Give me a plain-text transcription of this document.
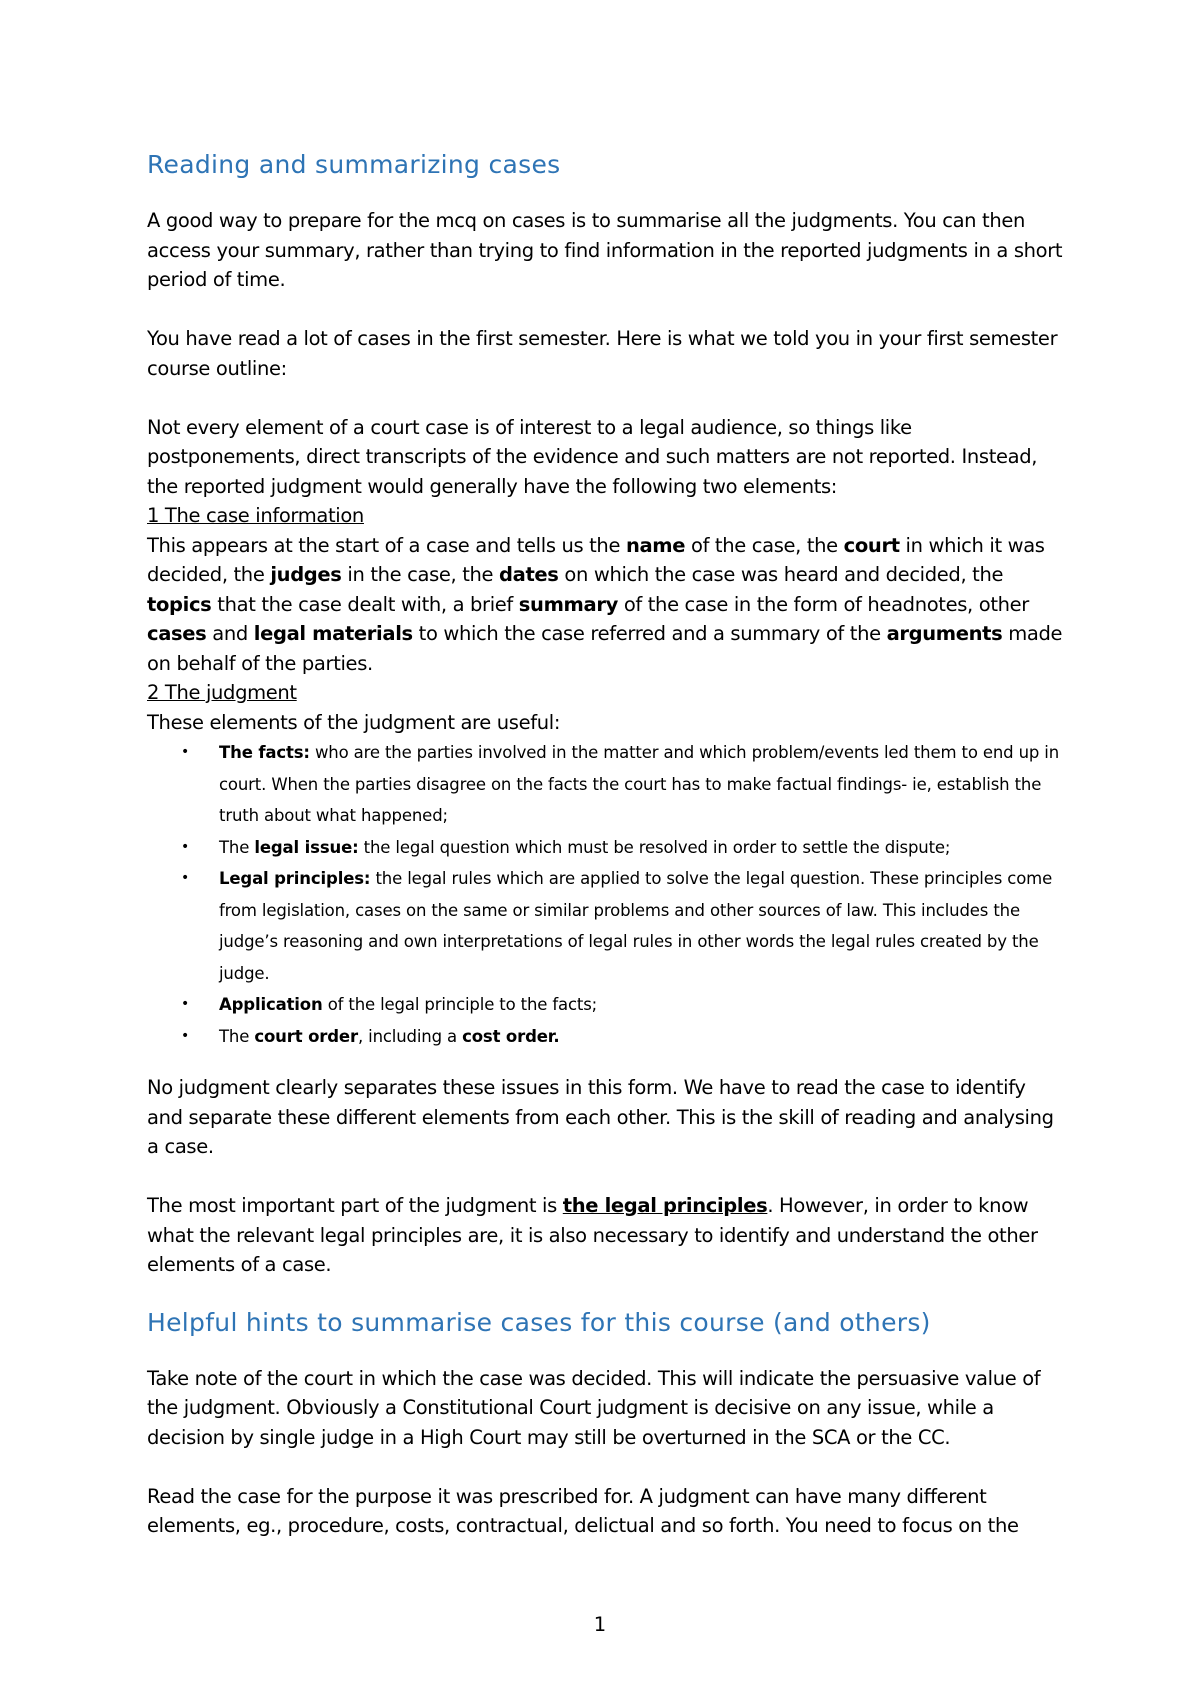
Reading and summarizing cases

A good way to prepare for the mcq on cases is to summarise all the judgments. You can then access your summary, rather than trying to find information in the reported judgments in a short period of time.

You have read a lot of cases in the first semester. Here is what we told you in your first semester course outline:

Not every element of a court case is of interest to a legal audience, so things like postponements, direct transcripts of the evidence and such matters are not reported. Instead, the reported judgment would generally have the following two elements:

1 The case information

This appears at the start of a case and tells us the name of the case, the court in which it was decided, the judges in the case, the dates on which the case was heard and decided, the topics that the case dealt with, a brief summary of the case in the form of headnotes, other cases and legal materials to which the case referred and a summary of the arguments made on behalf of the parties.

2 The judgment

These elements of the judgment are useful:

• The facts: who are the parties involved in the matter and which problem/events led them to end up in court. When the parties disagree on the facts the court has to make factual findings- ie, establish the truth about what happened;
• The legal issue: the legal question which must be resolved in order to settle the dispute;
• Legal principles: the legal rules which are applied to solve the legal question. These principles come from legislation, cases on the same or similar problems and other sources of law. This includes the judge’s reasoning and own interpretations of legal rules in other words the legal rules created by the judge.
• Application of the legal principle to the facts;
• The court order, including a cost order.

No judgment clearly separates these issues in this form. We have to read the case to identify and separate these different elements from each other. This is the skill of reading and analysing a case.

The most important part of the judgment is the legal principles. However, in order to know what the relevant legal principles are, it is also necessary to identify and understand the other elements of a case.

Helpful hints to summarise cases for this course (and others)

Take note of the court in which the case was decided. This will indicate the persuasive value of the judgment. Obviously a Constitutional Court judgment is decisive on any issue, while a decision by single judge in a High Court may still be overturned in the SCA or the CC.

Read the case for the purpose it was prescribed for. A judgment can have many different elements, eg., procedure, costs, contractual, delictual and so forth. You need to focus on the

1
